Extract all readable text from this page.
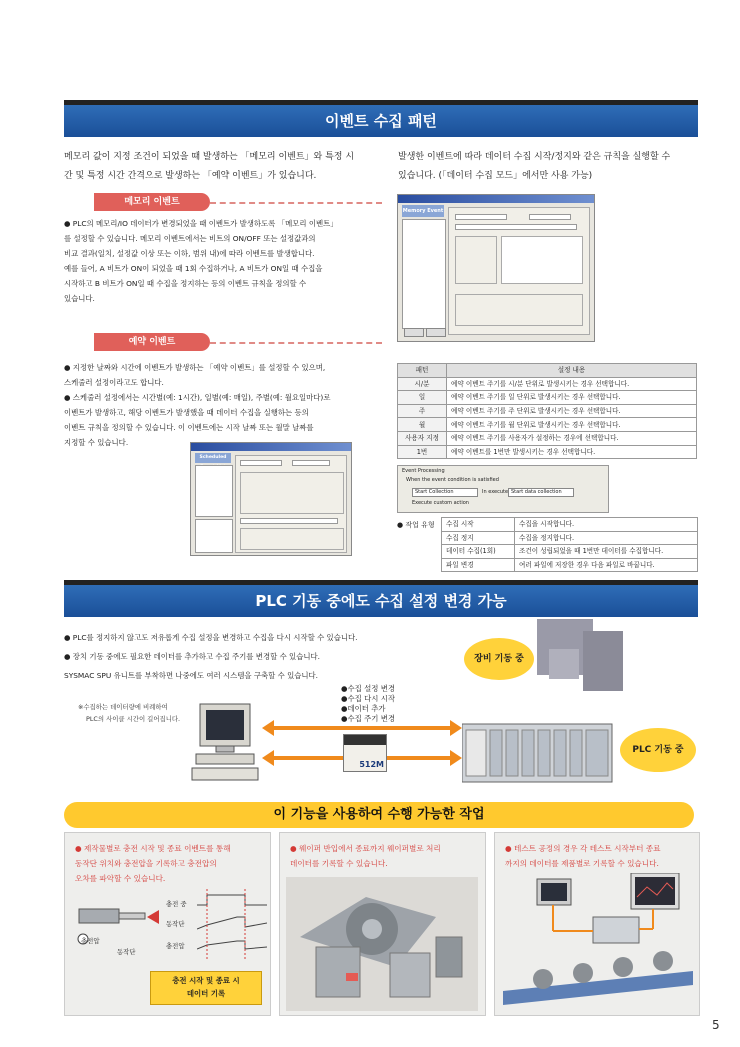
이벤트 수집 패턴
메모리 값이 지정 조건이 되었을 때 발생하는 「메모리 이벤트」와 특정 시
간 및 특정 시간 간격으로 발생하는 「예약 이벤트」가 있습니다.
발생한 이벤트에 따라 데이터 수집 시작/정지와 같은 규칙을 실행할 수
있습니다. (「데이터 수집 모드」에서만 사용 가능)
메모리 이벤트
● PLC의 메모리/IO 데이터가 변경되었을 때 이벤트가 발생하도록 「메모리 이벤트」
를 설정할 수 있습니다. 메모리 이벤트에서는 비트의 ON/OFF 또는 설정값과의
비교 결과(일치, 설정값 이상 또는 이하, 범위 내)에 따라 이벤트를 발생합니다.
예를 들어, A 비트가 ON이 되었을 때 1회 수집하거나, A 비트가 ON일 때 수집을
시작하고 B 비트가 ON일 때 수집을 정지하는 등의 이벤트 규칙을 정의할 수
있습니다.
Memory Event
예약 이벤트
● 지정한 날짜와 시간에 이벤트가 발생하는 「예약 이벤트」를 설정할 수 있으며,
스케줄러 설정이라고도 합니다.
● 스케줄러 설정에서는 시간별(예: 1시간), 일별(예: 매일), 주별(예: 월요일마다)로
이벤트가 발생하고, 해당 이벤트가 발생했을 때 데이터 수집을 실행하는 등의
이벤트 규칙을 정의할 수 있습니다. 이 이벤트에는 시작 날짜 또는 월말 날짜를
지정할 수 있습니다.
Scheduled
패턴	설정 내용
시/분	예약 이벤트 주기를 시/분 단위로 발생시키는 경우 선택합니다.
일	예약 이벤트 주기를 일 단위로 발생시키는 경우 선택합니다.
주	예약 이벤트 주기를 주 단위로 발생시키는 경우 선택합니다.
월	예약 이벤트 주기를 월 단위로 발생시키는 경우 선택합니다.
사용자 지정	예약 이벤트 주기를 사용자가 설정하는 경우에 선택합니다.
1번	예약 이벤트를 1번만 발생시키는 경우 선택합니다.
Event Processing
When the event condition is satisfied
Start Collection	In execute Start data collection
Execute custom action
● 작업 유형 수집 시작	수집을 시작합니다.
수집 정지	수집을 정지합니다.
데이터 수집(1회)	조건이 성립되었을 때 1번만 데이터를 수집합니다.
파일 변경	여러 파일에 저장한 경우 다음 파일로 바꿉니다.
PLC 기동 중에도 수집 설정 변경 가능
● PLC를 정지하지 않고도 저유롭게 수집 설정을 변경하고 수집을 다시 시작할 수 있습니다.
● 장치 기동 중에도 필요한 데이터를 추가하고 수집 주기를 변경할 수 있습니다.
SYSMAC SPU 유니트를 부착하면 나중에도 여러 시스템을 구축할 수 있습니다.
※수집하는 데이터량에 비례하여
PLC의 사이클 시간이 길어집니다.
●수집 설정 변경
●수집 다시 시작
●데이터 추가
●수집 주기 변경
512M
장비 기동 중
PLC 기동 중
이 기능을 사용하여 수행 가능한 작업
● 제작물별로 충전 시작 및 종료 이벤트를 통해
동작단 위치와 충전압을 기록하고 충전압의
오차를 파악할 수 있습니다.
충전 중
동작단
충전압
충전압
동작단
충전 시작 및 종료 시
데이터 기록
● 웨이퍼 반입에서 종료까지 웨이퍼별로 처리
데이터를 기록할 수 있습니다.
● 테스트 공정의 경우 각 테스트 시작부터 종료
까지의 데이터를 제품별로 기록할 수 있습니다.
5
